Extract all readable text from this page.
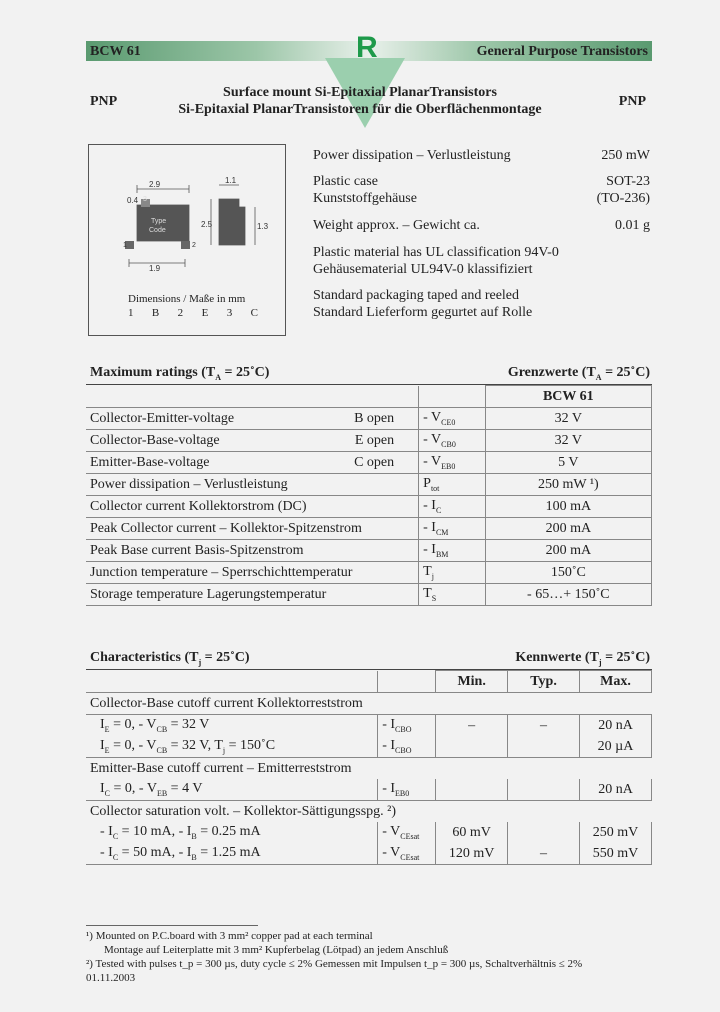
BCW 61	General Purpose Transistors
R
PNP	PNP
Surface mount Si-Epitaxial PlanarTransistors
Si-Epitaxial PlanarTransistoren für die Oberflächenmontage
2.9
0.4
1.1
2.5	1.3
1.9
Type
Code
1	2
3
Dimensions / Maße in mm
1 B 2 E 3 C
Power dissipation – Verlustleistung	250 mW
Plastic case
Kunststoffgehäuse
SOT-23
(TO-236)
Weight approx. – Gewicht ca.	0.01 g
Plastic material has UL classification 94V-0
Gehäusematerial UL94V-0 klassifiziert
Standard packaging taped and reeled
Standard Lieferform gegurtet auf Rolle
Maximum ratings ($T_A$ = 25˚C)	Grenzwerte ($T_A$ = 25˚C)
		BCW 61
Collector-Emitter-voltage B open	- $V_{CE0}$	32 V
Collector-Base-voltage E open	- $V_{CB0}$	32 V
Emitter-Base-voltage C open	- $V_{EB0}$	5 V
Power dissipation – Verlustleistung	$P_{tot}$	250 mW ¹)
Collector current Kollektorstrom (DC)	- $I_C$	100 mA
Peak Collector current – Kollektor-Spitzenstrom	- $I_{CM}$	200 mA
Peak Base current Basis-Spitzenstrom	- $I_{BM}$	200 mA
Junction temperature – Sperrschichttemperatur	$T_j$	150˚C
Storage temperature Lagerungstemperatur	$T_S$	- 65…+ 150˚C
Characteristics ($T_j$ = 25˚C)	Kennwerte ($T_j$ = 25˚C)
		Min.	Typ.	Max.
Collector-Base cutoff current Kollektorreststrom				
$I_E = 0$, - $V_{CB} = 32$ V	- $I_{CBO}$	–	–	20 nA
$I_E = 0$, - $V_{CB} = 32$ V, $T_j$ = 150˚C	- $I_{CBO}$			20 µA
Emitter-Base cutoff current – Emitterreststrom				
$I_C = 0$, - $V_{EB} = 4$ V	- $I_{EB0}$			20 nA
Collector saturation volt. – Kollektor-Sättigungsspg. ²)				
- $I_C = 10$ mA, - $I_B = 0.25$ mA	- $V_{CEsat}$	60 mV		250 mV
- $I_C = 50$ mA, - $I_B = 1.25$ mA	- $V_{CEsat}$	120 mV	–	550 mV
¹) Mounted on P.C.board with 3 mm² copper pad at each terminal
Montage auf Leiterplatte mit 3 mm² Kupferbelag (Lötpad) an jedem Anschluß
²) Tested with pulses t_p = 300 µs, duty cycle ≤ 2% Gemessen mit Impulsen t_p = 300 µs, Schaltverhältnis ≤ 2%
01.11.2003
